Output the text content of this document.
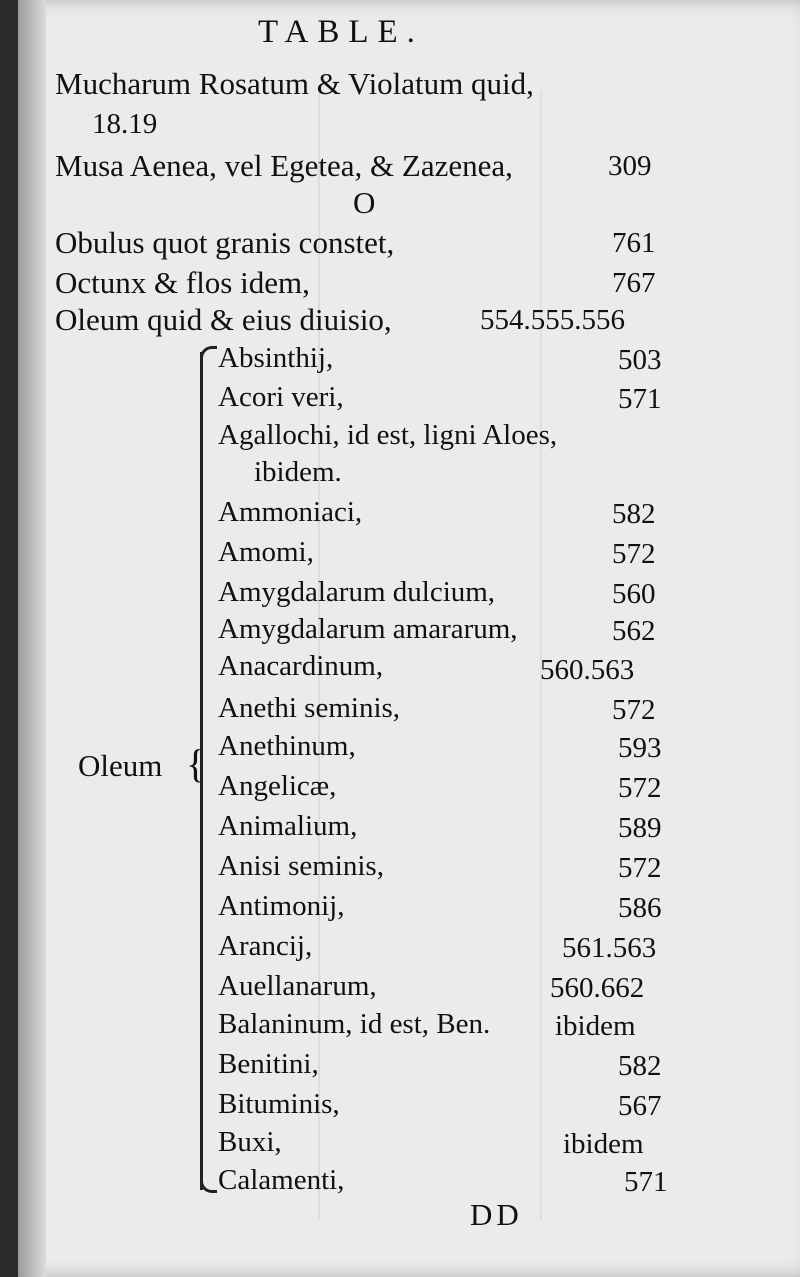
TABLE.
Mucharum Rosatum & Violatum quid,
18.19
Musa Aenea, vel Egetea, & Zazenea,	309
O
Obulus quot granis constet,	761
Octunx & flos idem,	767
Oleum quid & eius diuisio,	554.555.556
Oleum {
Absinthij,	503
Acori veri,	571
Agallochi, id est, ligni Aloes,
ibidem.
Ammoniaci,	582
Amomi,	572
Amygdalarum dulcium,	560
Amygdalarum amararum,	562
Anacardinum,	560.563
Anethi seminis,	572
Anethinum,	593
Angelicæ,	572
Animalium,	589
Anisi seminis,	572
Antimonij,	586
Arancij,	561.563
Auellanarum,	560.662
Balaninum, id est, Ben. ibidem
Benitini,	582
Bituminis,	567
Buxi,	ibidem
Calamenti,	571
DD
